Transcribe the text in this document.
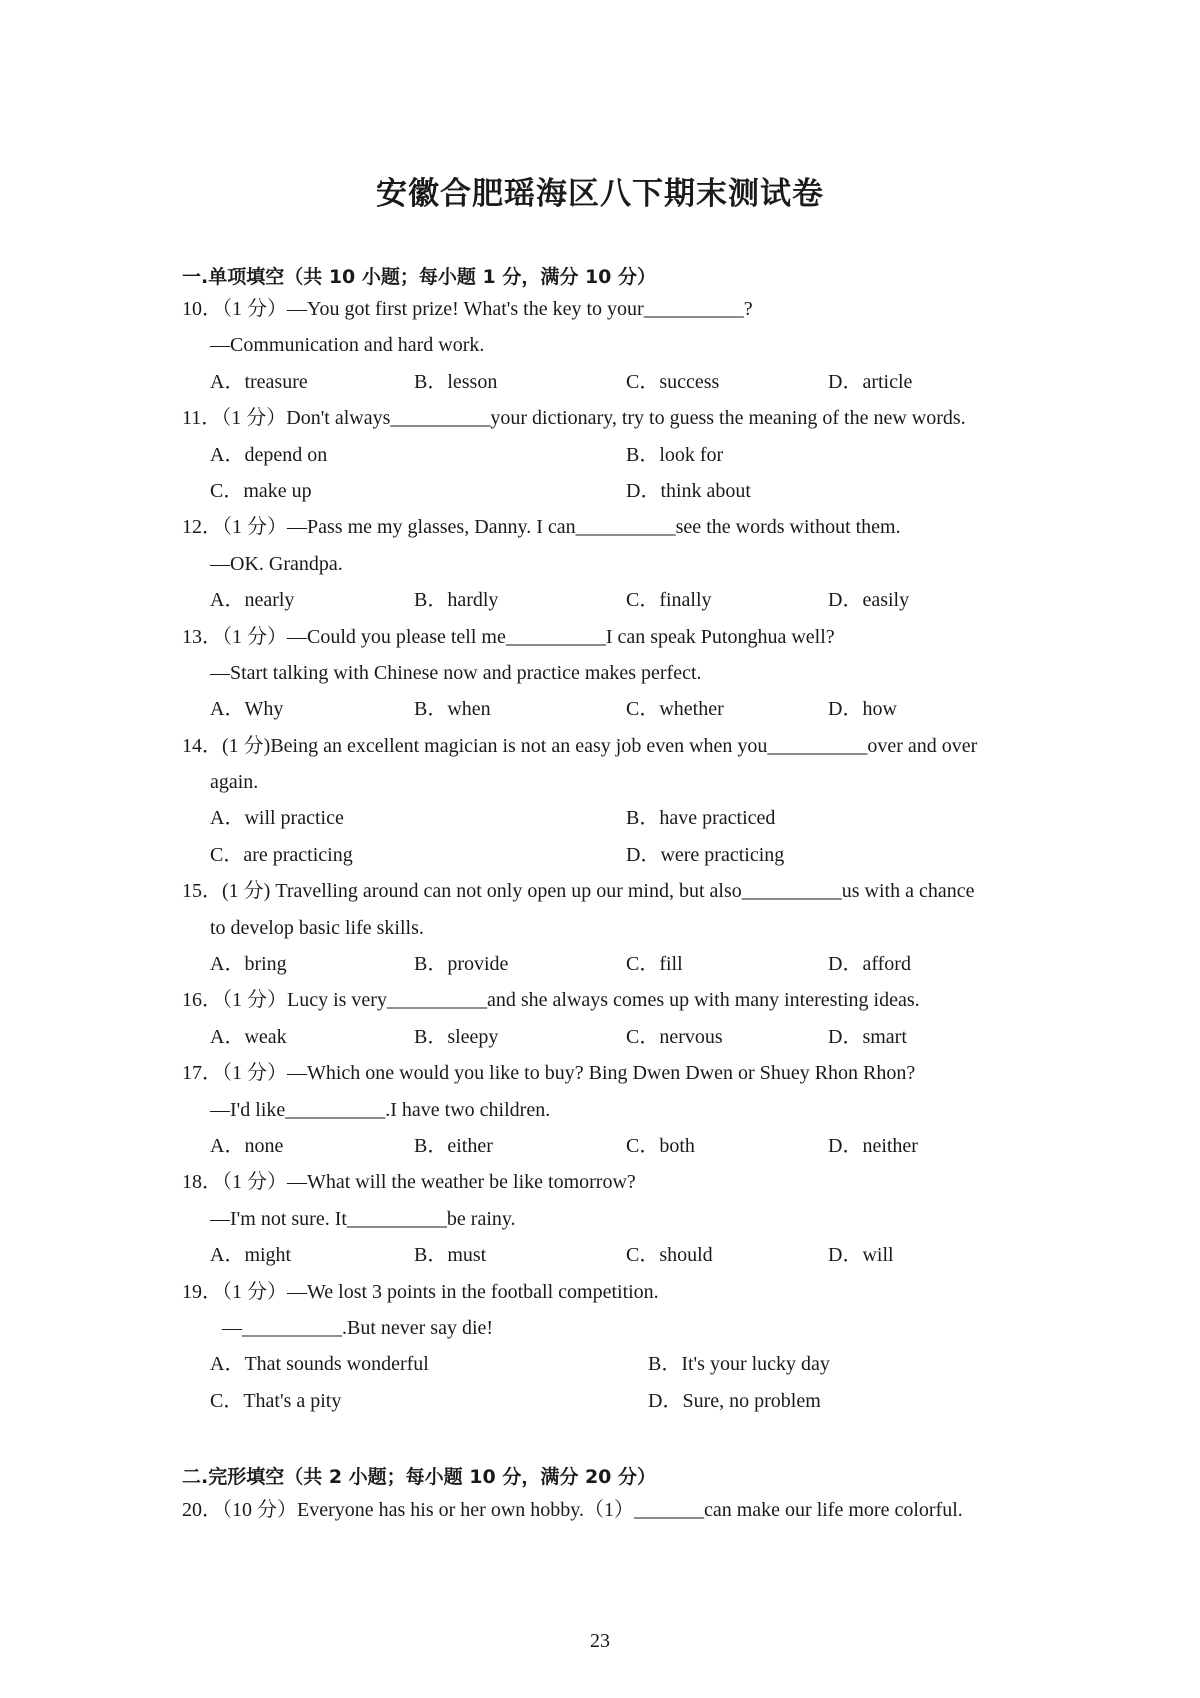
安徽合肥瑶海区八下期末测试卷
一.单项填空（共 10 小题；每小题 1 分，满分 10 分）
10．（1 分）—You got first prize! What's the key to your__________?
—Communication and hard work.
A．treasure	B．lesson	C．success	D．article
11．（1 分）Don't always__________your dictionary, try to guess the meaning of the new words.
A．depend on	B．look for
C．make up	D．think about
12．（1 分）—Pass me my glasses, Danny. I can__________see the words without them.
—OK. Grandpa.
A．nearly	B．hardly	C．finally	D．easily
13．（1 分）—Could you please tell me__________I can speak Putonghua well?
—Start talking with Chinese now and practice makes perfect.
A．Why	B．when	C．whether	D．how
14．(1 分)Being an excellent magician is not an easy job even when you__________over and over
again.
A．will practice	B．have practiced
C．are practicing	D．were practicing
15．(1 分) Travelling around can not only open up our mind, but also__________us with a chance
to develop basic life skills.
A．bring	B．provide	C．fill	D．afford
16．（1 分）Lucy is very__________and she always comes up with many interesting ideas.
A．weak	B．sleepy	C．nervous	D．smart
17．（1 分）—Which one would you like to buy? Bing Dwen Dwen or Shuey Rhon Rhon?
—I'd like__________.I have two children.
A．none	B．either	C．both	D．neither
18．（1 分）—What will the weather be like tomorrow?
—I'm not sure. It__________be rainy.
A．might	B．must	C．should	D．will
19．（1 分）—We lost 3 points in the football competition.
—__________.But never say die!
A．That sounds wonderful	B．It's your lucky day
C．That's a pity	D．Sure, no problem
二.完形填空（共 2 小题；每小题 10 分，满分 20 分）
20．（10 分）Everyone has his or her own hobby.（1）_______can make our life more colorful.
23
